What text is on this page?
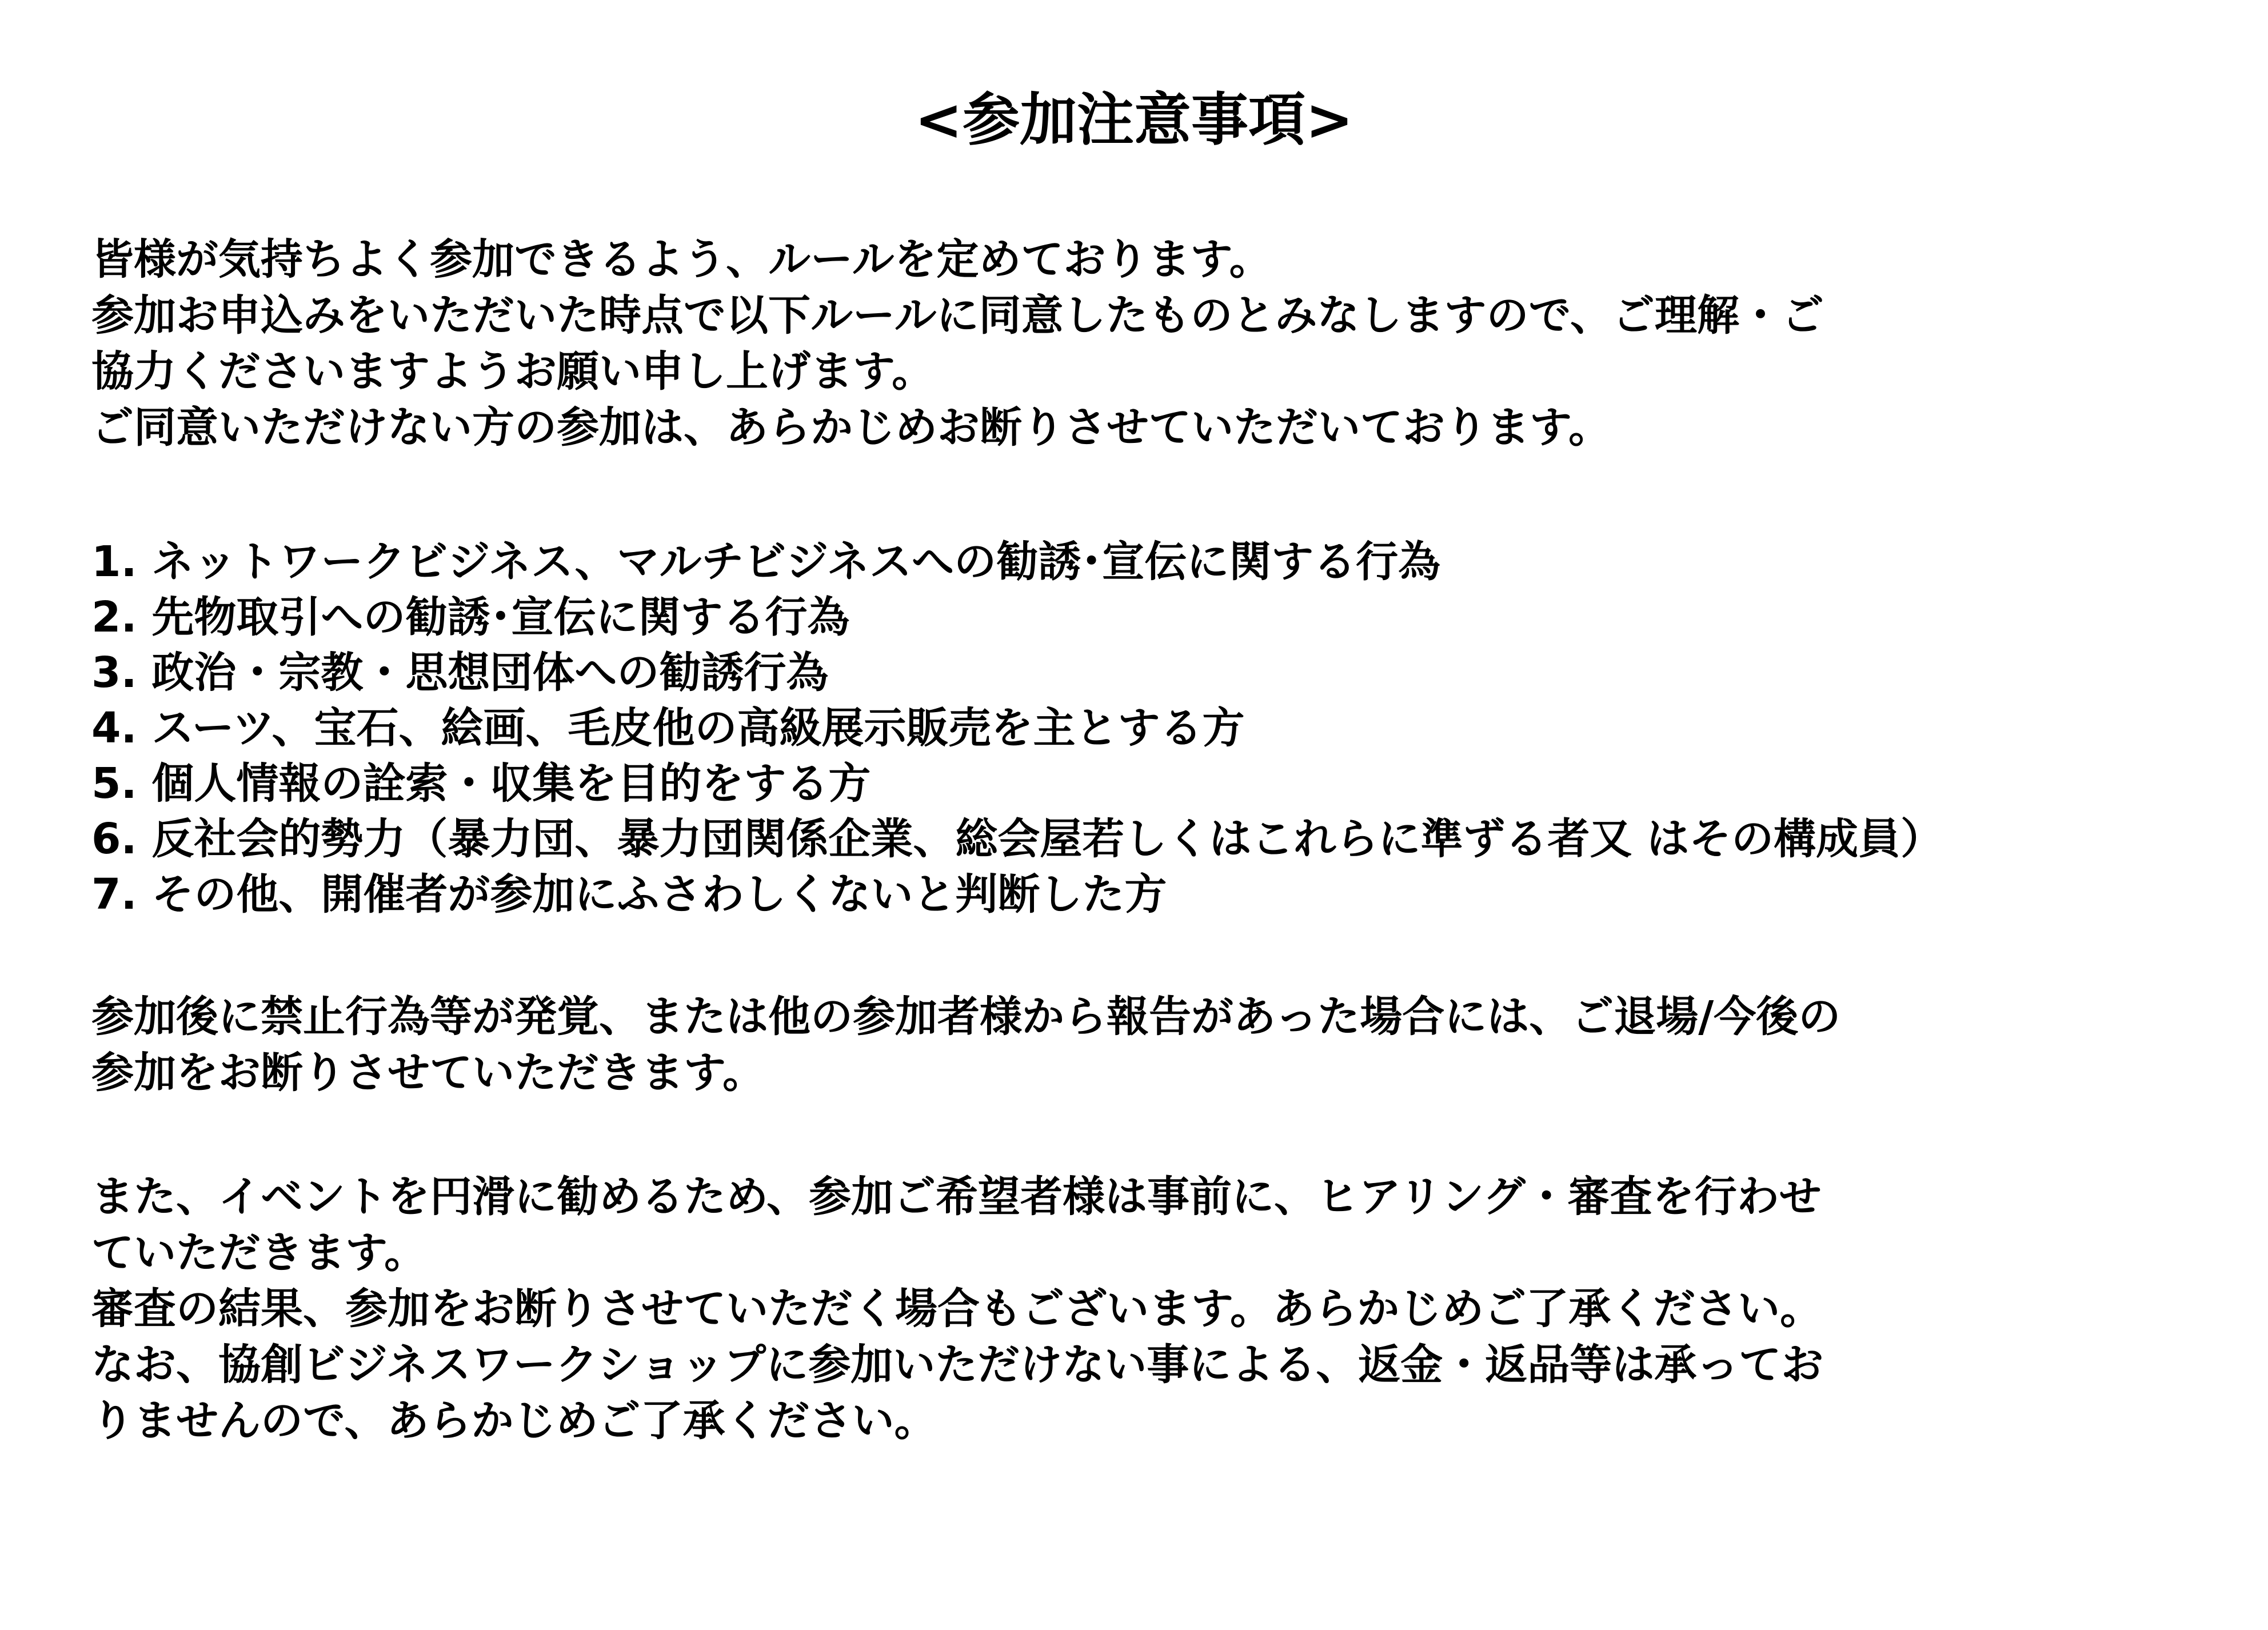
<参加注意事項>
皆様が気持ちよく参加できるよう、ルールを定めております。
参加お申込みをいただいた時点で以下ルールに同意したものとみなしますので、ご理解・ご
協力くださいますようお願い申し上げます。
ご同意いただけない方の参加は、あらかじめお断りさせていただいております。
1. ネットワークビジネス、マルチビジネスへの勧誘･宣伝に関する行為
2. 先物取引への勧誘･宣伝に関する行為
3. 政治・宗教・思想団体への勧誘行為
4. スーツ、宝石、絵画、毛皮他の高級展示販売を主とする方
5. 個人情報の詮索・収集を目的をする方
6. 反社会的勢力（暴力団、暴力団関係企業、総会屋若しくはこれらに準ずる者又 はその構成員）
7. その他、開催者が参加にふさわしくないと判断した方
参加後に禁止行為等が発覚、または他の参加者様から報告があった場合には、ご退場/今後の
参加をお断りさせていただきます。
また、イベントを円滑に勧めるため、参加ご希望者様は事前に、ヒアリング・審査を行わせ
ていただきます。
審査の結果、参加をお断りさせていただく場合もございます。あらかじめご了承ください。
なお、協創ビジネスワークショップに参加いただけない事による、返金・返品等は承ってお
りませんので、あらかじめご了承ください。
